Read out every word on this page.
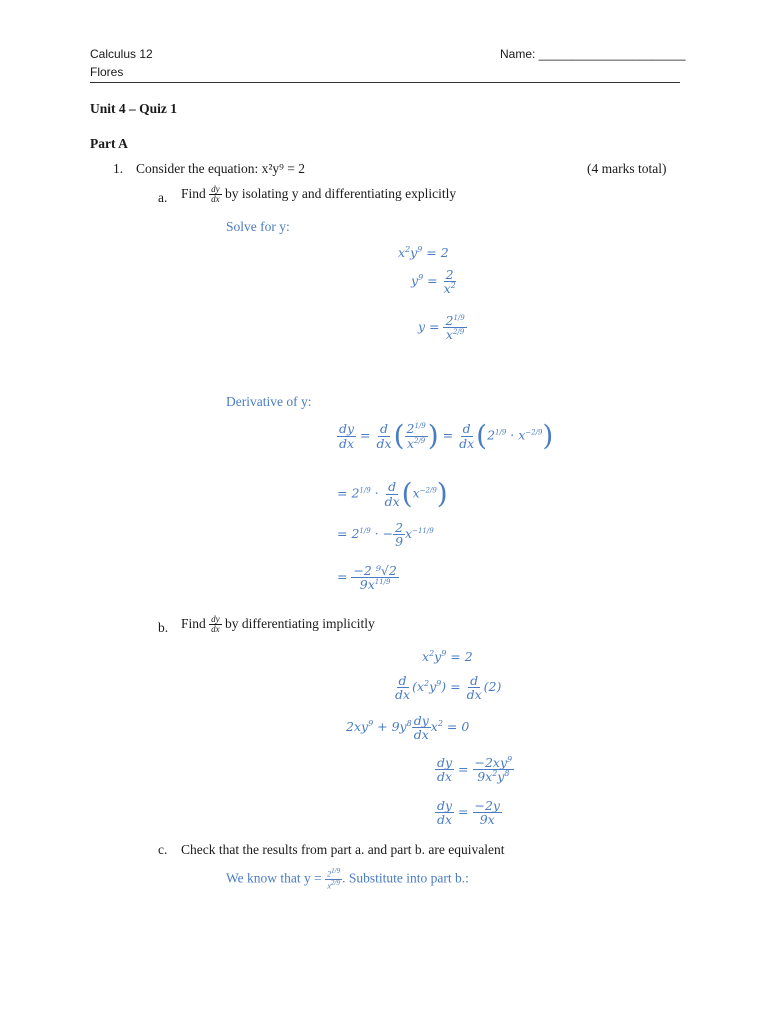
Calculus 12
Flores
Name: ______________________
Unit 4 – Quiz 1
Part A
1. Consider the equation: x²y⁹ = 2	(4 marks total)
a. Find $\frac{dy}{dx}$ by isolating y and differentiating explicitly
Solve for y:
$x^2y^9 = 2$
$y^9 = \frac{2}{x^2}$
$y = \frac{2^{1/9}}{x^{2/9}}$
Derivative of y:
$\frac{dy}{dx} = \frac{d}{dx}$ ( $\frac{2^{1/9}}{x^{2/9}}$ ) = $\frac{d}{dx} (2^{1/9} \cdot x^{-2/9})$
= $2^{1/9} \cdot \frac{d}{dx} (x^{-2/9})$
= $2^{1/9}$ · − $\frac{2}{9} x^{-11/9}$
= $\frac{\text{−2 ⁹√2}}{9x^{11/9}}$
b. Find $\frac{dy}{dx}$ by differentiating implicitly
$x^2y^9 = 2$
$\frac{d}{dx} (x^2y^9) = \frac{d}{dx} (2)$
$2xy^9 + 9y^8 \frac{dy}{dx} x^2 = 0$
$\frac{dy}{dx} = \frac{-2xy^9}{9x^2y^8}$
$\frac{dy}{dx} = \frac{-2y}{9x}$
c. Check that the results from part a. and part b. are equivalent
We know that $y = \frac{21/9}{x2/9}$ . Substitute into part b.:
